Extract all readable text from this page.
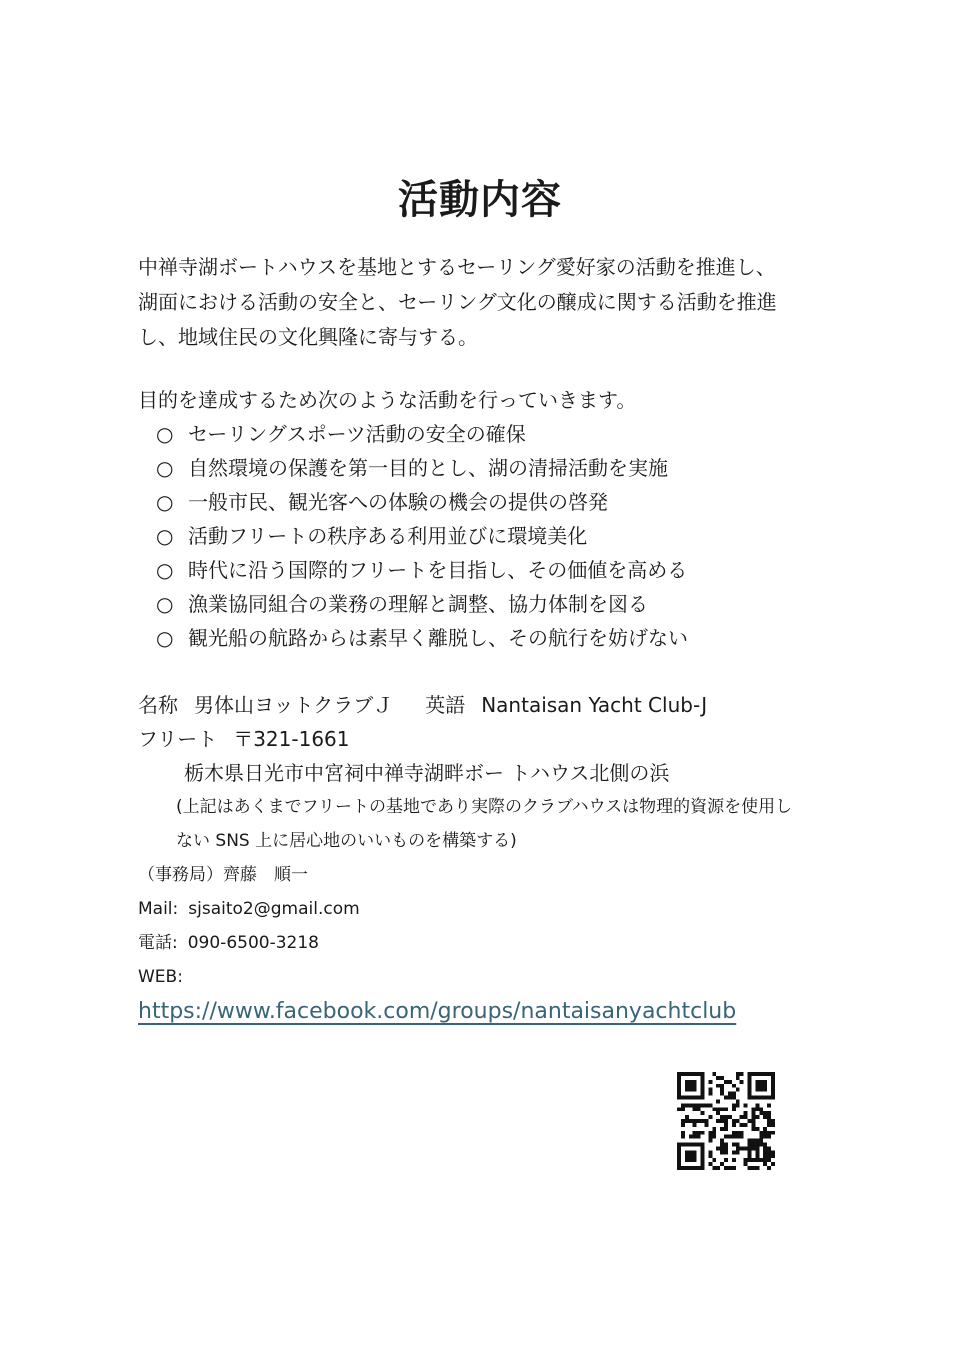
活動内容
中禅寺湖ボートハウスを基地とするセーリング愛好家の活動を推進し、
湖面における活動の安全と、セーリング文化の醸成に関する活動を推進
し、地域住民の文化興隆に寄与する。
目的を達成するため次のような活動を行っていきます。
○ セーリングスポーツ活動の安全の確保
○ 自然環境の保護を第一目的とし、湖の清掃活動を実施
○ 一般市民、観光客への体験の機会の提供の啓発
○ 活動フリートの秩序ある利用並びに環境美化
○ 時代に沿う国際的フリートを目指し、その価値を高める
○ 漁業協同組合の業務の理解と調整、協力体制を図る
○ 観光船の航路からは素早く離脱し、その航行を妨げない
名称 男体山ヨットクラブＪ 英語 Nantaisan Yacht Club-J
フリート 〒321-1661
栃木県日光市中宮祠中禅寺湖畔ボー トハウス北側の浜
(上記はあくまでフリートの基地であり実際のクラブハウスは物理的資源を使用し
ない SNS 上に居心地のいいものを構築する)
（事務局）齊藤　順一
Mail: sjsaito2@gmail.com
電話: 090-6500-3218
WEB:
https://www.facebook.com/groups/nantaisanyachtclub
